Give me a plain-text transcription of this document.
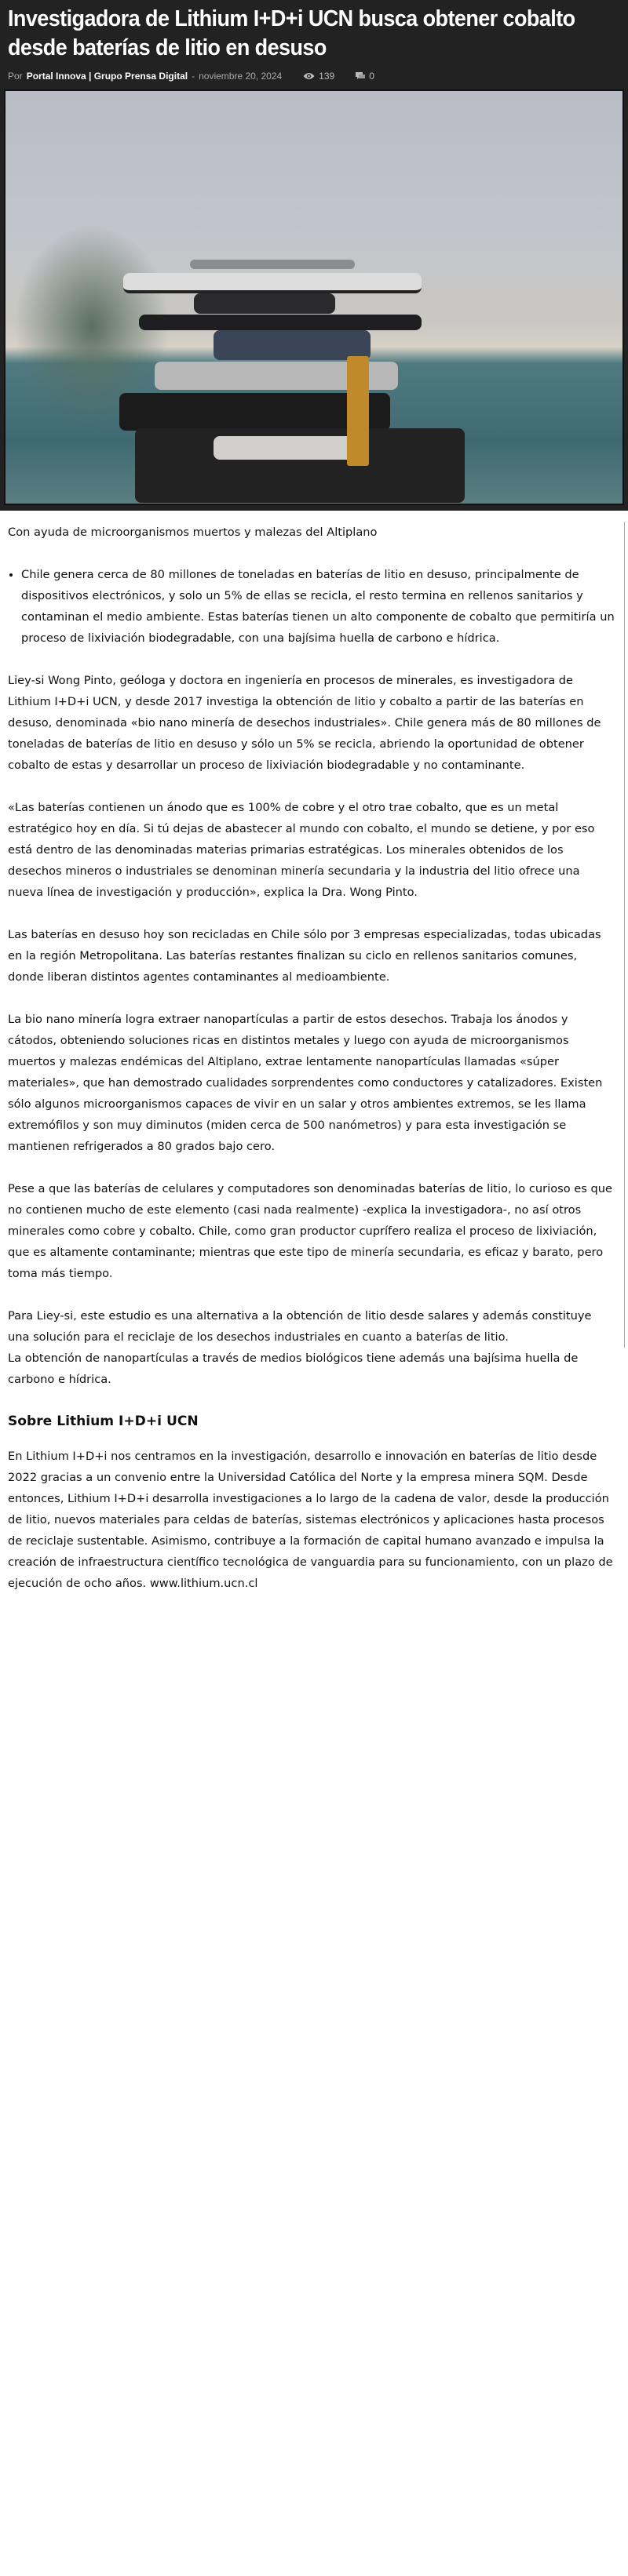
Investigadora de Lithium I+D+i UCN busca obtener cobalto desde baterías de litio en desuso
Por Portal Innova | Grupo Prensa Digital - noviembre 20, 2024	139	0

Con ayuda de microorganismos muertos y malezas del Altiplano

• Chile genera cerca de 80 millones de toneladas en baterías de litio en desuso, principalmente de dispositivos electrónicos, y solo un 5% de ellas se recicla, el resto termina en rellenos sanitarios y contaminan el medio ambiente. Estas baterías tienen un alto componente de cobalto que permitiría un proceso de lixiviación biodegradable, con una bajísima huella de carbono e hídrica.

Liey-si Wong Pinto, geóloga y doctora en ingeniería en procesos de minerales, es investigadora de Lithium I+D+i UCN, y desde 2017 investiga la obtención de litio y cobalto a partir de las baterías en desuso, denominada «bio nano minería de desechos industriales». Chile genera más de 80 millones de toneladas de baterías de litio en desuso y sólo un 5% se recicla, abriendo la oportunidad de obtener cobalto de estas y desarrollar un proceso de lixiviación biodegradable y no contaminante.

«Las baterías contienen un ánodo que es 100% de cobre y el otro trae cobalto, que es un metal estratégico hoy en día. Si tú dejas de abastecer al mundo con cobalto, el mundo se detiene, y por eso está dentro de las denominadas materias primarias estratégicas. Los minerales obtenidos de los desechos mineros o industriales se denominan minería secundaria y la industria del litio ofrece una nueva línea de investigación y producción», explica la Dra. Wong Pinto.

Las baterías en desuso hoy son recicladas en Chile sólo por 3 empresas especializadas, todas ubicadas en la región Metropolitana. Las baterías restantes finalizan su ciclo en rellenos sanitarios comunes, donde liberan distintos agentes contaminantes al medioambiente.

La bio nano minería logra extraer nanopartículas a partir de estos desechos. Trabaja los ánodos y cátodos, obteniendo soluciones ricas en distintos metales y luego con ayuda de microorganismos muertos y malezas endémicas del Altiplano, extrae lentamente nanopartículas llamadas «súper materiales», que han demostrado cualidades sorprendentes como conductores y catalizadores. Existen sólo algunos microorganismos capaces de vivir en un salar y otros ambientes extremos, se les llama extremófilos y son muy diminutos (miden cerca de 500 nanómetros) y para esta investigación se mantienen refrigerados a 80 grados bajo cero.

Pese a que las baterías de celulares y computadores son denominadas baterías de litio, lo curioso es que no contienen mucho de este elemento (casi nada realmente) -explica la investigadora-, no así otros minerales como cobre y cobalto. Chile, como gran productor cuprífero realiza el proceso de lixiviación, que es altamente contaminante; mientras que este tipo de minería secundaria, es eficaz y barato, pero toma más tiempo.

Para Liey-si, este estudio es una alternativa a la obtención de litio desde salares y además constituye una solución para el reciclaje de los desechos industriales en cuanto a baterías de litio.

La obtención de nanopartículas a través de medios biológicos tiene además una bajísima huella de carbono e hídrica.

Sobre Lithium I+D+i UCN

En Lithium I+D+i nos centramos en la investigación, desarrollo e innovación en baterías de litio desde 2022 gracias a un convenio entre la Universidad Católica del Norte y la empresa minera SQM. Desde entonces, Lithium I+D+i desarrolla investigaciones a lo largo de la cadena de valor, desde la producción de litio, nuevos materiales para celdas de baterías, sistemas electrónicos y aplicaciones hasta procesos de reciclaje sustentable. Asimismo, contribuye a la formación de capital humano avanzado e impulsa la creación de infraestructura científico tecnológica de vanguardia para su funcionamiento, con un plazo de ejecución de ocho años. www.lithium.ucn.cl
